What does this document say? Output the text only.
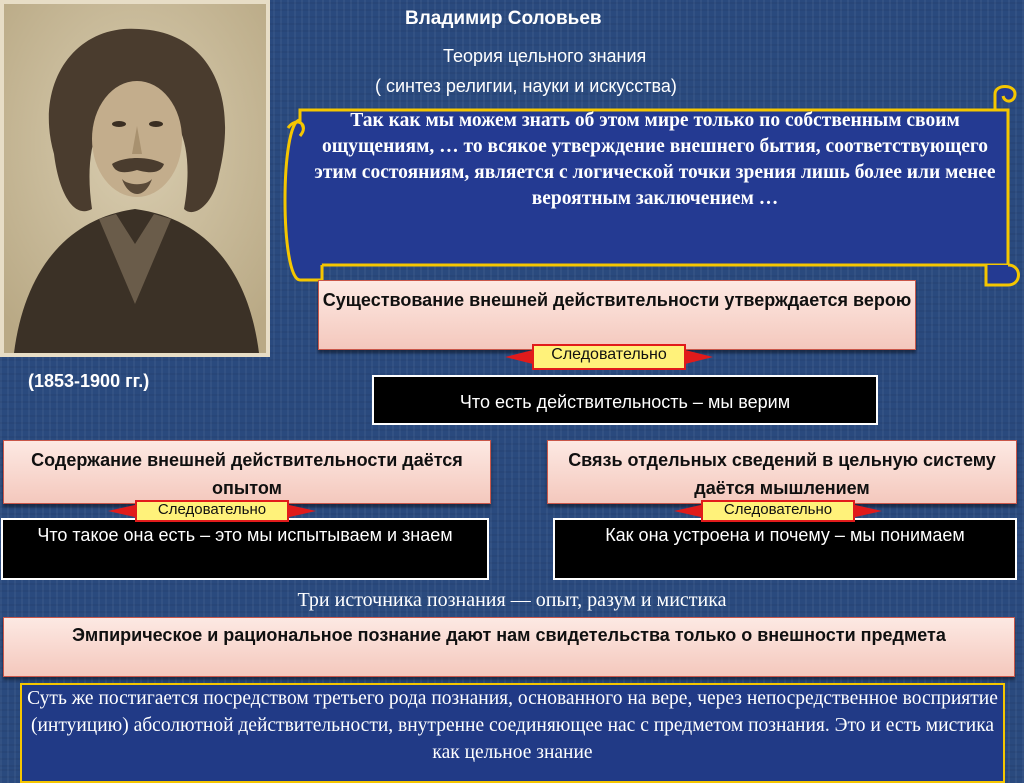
(1853-1900 гг.)
Владимир Соловьев
Теория цельного знания
( синтез религии, науки и искусства)
Так как мы можем знать об этом мире только по собственным своим ощущениям, … то всякое утверждение внешнего бытия, соответствующего этим состояниям, является с логической точки зрения лишь более или менее вероятным заключением …
Существование внешней действительности утверждается верою
Следовательно
Что есть действительность – мы верим
Содержание внешней действительности даётся опытом
Что такое она есть – это мы испытываем и знаем
Следовательно
Связь отдельных сведений в цельную систему даётся мышлением
Как она устроена и почему – мы понимаем
Следовательно
Три источника познания — опыт, разум и мистика
Эмпирическое и рациональное познание дают нам свидетельства только о внешности предмета
Суть же постигается посредством третьего рода познания, основанного на вере, через непосредственное восприятие (интуицию) абсолютной действительности, внутренне соединяющее нас с предметом познания. Это и есть мистика как цельное знание
